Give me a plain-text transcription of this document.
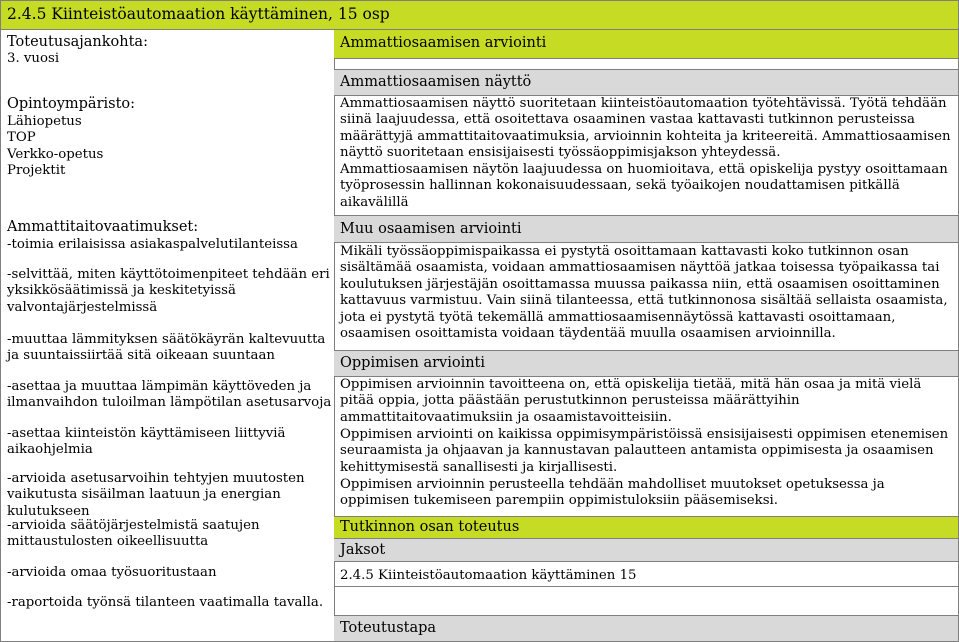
2.4.5 Kiinteistöautomaation käyttäminen, 15 osp
Toteutusajankohta:
3. vuosi
Opintoympäristo:
Lähiopetus
TOP
Verkko-opetus
Projektit
Ammattitaitovaatimukset:
-toimia erilaisissa asiakaspalvelutilanteissa
-selvittää, miten käyttötoimenpiteet tehdään eri yksikkösäätimissä ja keskitetyissä valvontajärjestelmissä
-muuttaa lämmityksen säätökäyrän kaltevuutta ja suuntaissiirtää sitä oikeaan suuntaan
-asettaa ja muuttaa lämpimän käyttöveden ja ilmanvaihdon tuloilman lämpötilan asetusarvoja
-asettaa kiinteistön käyttämiseen liittyviä aikaohjelmia
-arvioida asetusarvoihin tehtyjen muutosten vaikutusta sisäilman laatuun ja energian kulutukseen
-arvioida säätöjärjestelmistä saatujen mittaustulosten oikeellisuutta
-arvioida omaa työsuoritustaan
-raportoida työnsä tilanteen vaatimalla tavalla.
Ammattiosaamisen arviointi
Ammattiosaamisen näyttö

Ammattiosaamisen näyttö suoritetaan kiinteistöautomaation työtehtävissä. Työtä tehdään siinä laajuudessa, että osoitettava osaaminen vastaa kattavasti tutkinnon perusteissa määrättyjä ammattitaitovaatimuksia, arvioinnin kohteita ja kriteereitä. Ammattiosaamisen näyttö suoritetaan ensisijaisesti työssäoppimisjakson yhteydessä.

Ammattiosaamisen näytön laajuudessa on huomioitava, että opiskelija pystyy osoittamaan työprosessin hallinnan kokonaisuudessaan, sekä työaikojen noudattamisen pitkällä aikavälillä

Muu osaamisen arviointi

Mikäli työssäoppimispaikassa ei pystytä osoittamaan kattavasti koko tutkinnon osan sisältämää osaamista, voidaan ammattiosaamisen näyttöä jatkaa toisessa työpaikassa tai koulutuksen järjestäjän osoittamassa muussa paikassa niin, että osaamisen osoittaminen kattavuus varmistuu. Vain siinä tilanteessa, että tutkinnonosa sisältää sellaista osaamista, jota ei pystytä työtä tekemällä ammattiosaamisennäytössä kattavasti osoittamaan, osaamisen osoittamista voidaan täydentää muulla osaamisen arvioinnilla.

Oppimisen arviointi

Oppimisen arvioinnin tavoitteena on, että opiskelija tietää, mitä hän osaa ja mitä vielä pitää oppia, jotta päästään perustutkinnon perusteissa määrättyihin ammattitaitovaatimuksiin ja osaamistavoitteisiin.

Oppimisen arviointi on kaikissa oppimisympäristöissä ensisijaisesti oppimisen etenemisen seuraamista ja ohjaavan ja kannustavan palautteen antamista oppimisesta ja osaamisen kehittymisestä sanallisesti ja kirjallisesti.

Oppimisen arvioinnin perusteella tehdään mahdolliset muutokset opetuksessa ja oppimisen tukemiseen parempiin oppimistuloksiin pääsemiseksi.

Tutkinnon osan toteutus
Jaksot
2.4.5 Kiinteistöautomaation käyttäminen 15
Toteutustapa
